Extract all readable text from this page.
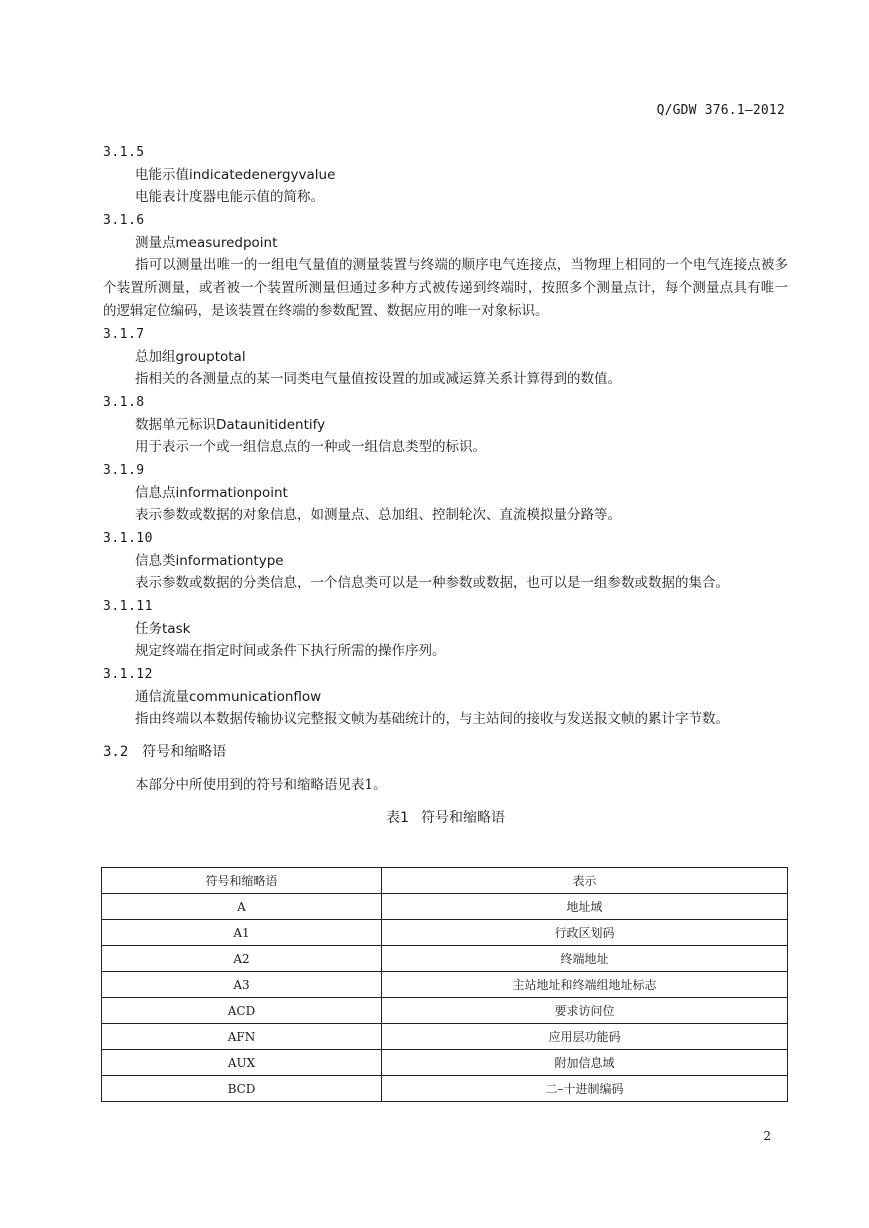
Q/GDW 376.1—2012
3.1.5
电能示值indicatedenergyvalue
电能表计度器电能示值的简称。
3.1.6
测量点measuredpoint
指可以测量出唯一的一组电气量值的测量装置与终端的顺序电气连接点，当物理上相同的一个电气连接点被多个装置所测量，或者被一个装置所测量但通过多种方式被传递到终端时，按照多个测量点计，每个测量点具有唯一的逻辑定位编码，是该装置在终端的参数配置、数据应用的唯一对象标识。
3.1.7
总加组grouptotal
指相关的各测量点的某一同类电气量值按设置的加或减运算关系计算得到的数值。
3.1.8
数据单元标识Dataunitidentify
用于表示一个或一组信息点的一种或一组信息类型的标识。
3.1.9
信息点informationpoint
表示参数或数据的对象信息，如测量点、总加组、控制轮次、直流模拟量分路等。
3.1.10
信息类informationtype
表示参数或数据的分类信息，一个信息类可以是一种参数或数据，也可以是一组参数或数据的集合。
3.1.11
任务task
规定终端在指定时间或条件下执行所需的操作序列。
3.1.12
通信流量communicationflow
指由终端以本数据传输协议完整报文帧为基础统计的，与主站间的接收与发送报文帧的累计字节数。
3.2 符号和缩略语
本部分中所使用到的符号和缩略语见表1。
表1 符号和缩略语
符号和缩略语	表示
A	地址域
A1	行政区划码
A2	终端地址
A3	主站地址和终端组地址标志
ACD	要求访问位
AFN	应用层功能码
AUX	附加信息域
BCD	二–十进制编码
2
